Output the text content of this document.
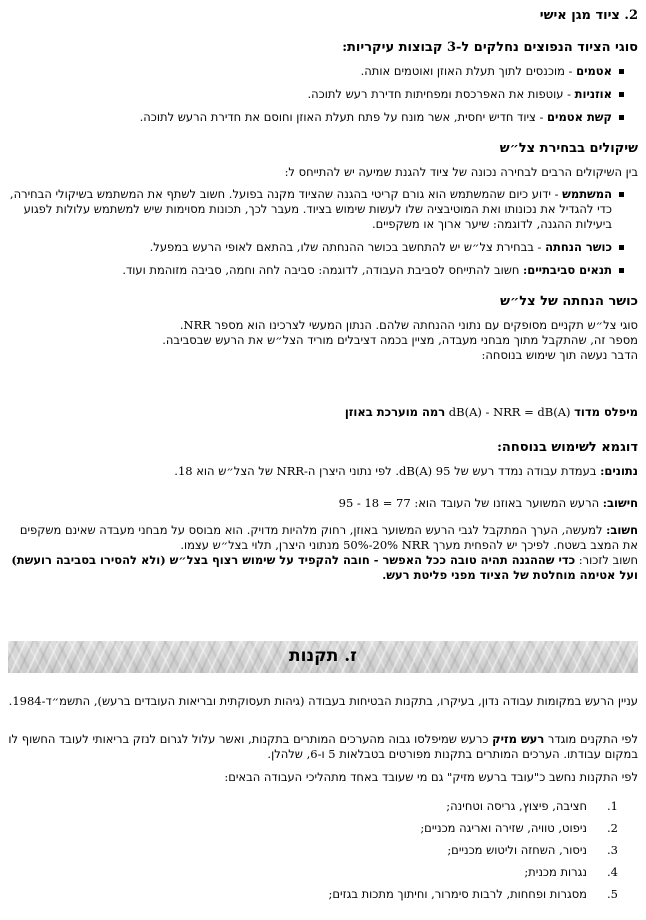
2. ציוד מגן אישי
סוגי הציוד הנפוצים נחלקים ל-3 קבוצות עיקריות:
אטמים - מוכנסים לתוך תעלת האוזן ואוטמים אותה.
אוזניות - עוטפות את האפרכסת ומפחיתות חדירת רעש לתוכה.
קשת אטמים - ציוד חדיש יחסית, אשר מונח על פתח תעלת האוזן וחוסם את חדירת הרעש לתוכה.
שיקולים בבחירת צל״ש
בין השיקולים הרבים לבחירה נכונה של ציוד להגנת שמיעה יש להתייחס ל:
המשתמש - ידוע כיום שהמשתמש הוא גורם קריטי בהגנה שהציוד מקנה בפועל. חשוב לשתף את המשתמש בשיקולי הבחירה, כדי להגדיל את נכונותו ואת המוטיבציה שלו לעשות שימוש בציוד. מעבר לכך, תכונות מסוימות שיש למשתמש עלולות לפגוע ביעילות ההגנה, לדוגמה: שיער ארוך או משקפיים.
כושר הנחתה - בבחירת צל״ש יש להתחשב בכושר ההנחתה שלו, בהתאם לאופי הרעש במפעל.
תנאים סביבתיים: חשוב להתייחס לסביבת העבודה, לדוגמה: סביבה לחה וחמה, סביבה מזוהמת ועוד.
כושר הנחתה של צל״ש
סוגי צל״ש תקניים מסופקים עם נתוני ההנחתה שלהם. הנתון המעשי לצרכינו הוא מספר NRR.
מספר זה, שהתקבל מתוך מבחני מעבדה, מציין בכמה דציבלים מוריד הצל״ש את הרעש שבסביבה.
הדבר נעשה תוך שימוש בנוסחה:
מיפלס מדוד dB(A) - NRR = dB(A) רמה מוערכת באוזן
דוגמא לשימוש בנוסחה:
נתונים: בעמדת עבודה נמדד רעש של 95 dB(A). לפי נתוני היצרן ה-NRR של הצל״ש הוא 18.
חישוב: הרעש המשוער באוזנו של העובד הוא: 95 - 18 = 77
חשוב: למעשה, הערך המתקבל לגבי הרעש המשוער באוזן, רחוק מלהיות מדויק. הוא מבוסס על מבחני מעבדה שאינם משקפים את המצב בשטח. לפיכך יש להפחית מערך NRR 50%-20% מנתוני היצרן, תלוי בצל״ש עצמו.
חשוב לזכור: כדי שההגנה תהיה טובה ככל האפשר - חובה להקפיד על שימוש רצוף בצל״ש (ולא להסירו בסביבה רועשת) ועל אטימה מוחלטת של הציוד מפני פליטת רעש.
ז. תקנות
עניין הרעש במקומות עבודה נדון, בעיקרו, בתקנות הבטיחות בעבודה (גיהות תעסוקתית ובריאות העובדים ברעש), התשמ״ד-1984.
לפי התקנים מוגדר רעש מזיק כרעש שמיפלסו גבוה מהערכים המותרים בתקנות, ואשר עלול לגרום לנזק בריאותי לעובד החשוף לו במקום עבודתו. הערכים המותרים בתקנות מפורטים בטבלאות 5 ו-6, שלהלן.
לפי התקנות נחשב כ"עובד ברעש מזיק" גם מי שעובד באחד מתהליכי העבודה הבאים:
1.
חציבה, פיצוץ, גריסה וטחינה;
2.
ניפוט, טוויה, שזירה ואריגה מכניים;
3.
ניסור, השחזה וליטוש מכניים;
4.
נגרות מכנית;
5.
מסגרות ופחחות, לרבות סימרור, וחיתוך מתכות בגזים;
